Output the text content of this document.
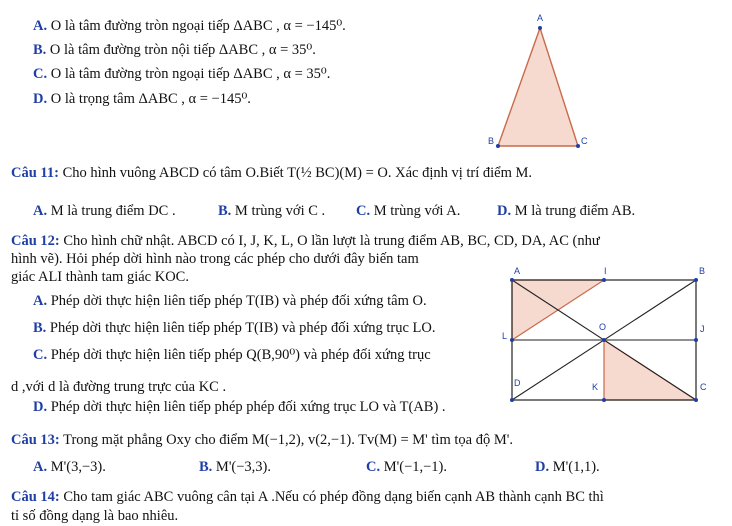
A. O là tâm đường tròn ngoại tiếp ΔABC , α = −145⁰.
B. O là tâm đường tròn nội tiếp ΔABC , α = 35⁰.
C. O là tâm đường tròn ngoại tiếp ΔABC , α = 35⁰.
D. O là trọng tâm ΔABC , α = −145⁰.
A
B	C
Câu 11: Cho hình vuông ABCD có tâm O.Biết T(½ BC)(M) = O. Xác định vị trí điểm M.
A. M là trung điểm DC .	B. M trùng với C . C. M trùng với A.	D. M là trung điểm AB.
Câu 12: Cho hình chữ nhật. ABCD có I, J, K, L, O lần lượt là trung điểm AB, BC, CD, DA, AC (như
hình vẽ). Hỏi phép dời hình nào trong các phép cho dưới đây biến tam
giác ALI thành tam giác KOC.
A. Phép dời thực hiện liên tiếp phép T(IB) và phép đối xứng tâm O.
B. Phép dời thực hiện liên tiếp phép T(IB) và phép đối xứng trục LO.
C. Phép dời thực hiện liên tiếp phép Q(B,90⁰) và phép đối xứng trục
d ,với d là đường trung trực của KC .
D. Phép dời thực hiện liên tiếp phép phép đối xứng trục LO và T(AB) .
A	I	B
L
O	J
D	K	C
Câu 13: Trong mặt phẳng Oxy cho điểm M(−1,2), v(2,−1). Tv(M) = M' tìm tọa độ M'.
A. M'(3,−3).	B. M'(−3,3).	C. M'(−1,−1).	D. M'(1,1).
Câu 14: Cho tam giác ABC vuông cân tại A .Nếu có phép đồng dạng biến cạnh AB thành cạnh BC thì
tỉ số đồng dạng là bao nhiêu.
